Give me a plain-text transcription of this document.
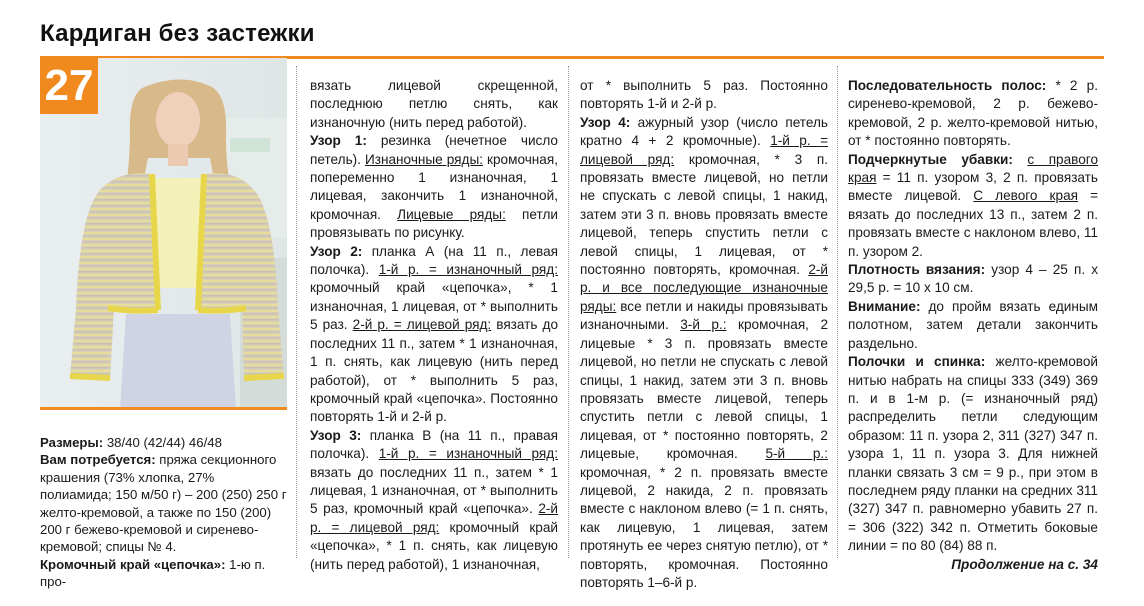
Кардиган без застежки
27

Размеры: 38/40 (42/44) 46/48

Вам потребуется: пряжа секционного крашения (73% хлопка, 27% полиамида; 150 м/50 г) – 200 (250) 250 г желто-кремовой, а также по 150 (200) 200 г бежево-кремовой и сиренево-кремовой; спицы № 4.

Кромочный край «цепочка»: 1-ю п. про-

вязать лицевой скрещенной, последнюю петлю снять, как изнаночную (нить перед работой).

Узор 1: резинка (нечетное число петель). Изнаночные ряды: кромочная, попеременно 1 изнаночная, 1 лицевая, закончить 1 изнаночной, кромочная. Лицевые ряды: петли провязывать по рисунку.

Узор 2: планка А (на 11 п., левая полочка). 1-й р. = изнаночный ряд: кромочный край «цепочка», * 1 изнаночная, 1 лицевая, от * выполнить 5 раз. 2-й р. = лицевой ряд: вязать до последних 11 п., затем * 1 изнаночная, 1 п. снять, как лицевую (нить перед работой), от * выполнить 5 раз, кромочный край «цепочка». Постоянно повторять 1-й и 2-й р.

Узор 3: планка В (на 11 п., правая полочка). 1-й р. = изнаночный ряд: вязать до последних 11 п., затем * 1 лицевая, 1 изнаночная, от * выполнить 5 раз, кромочный край «цепочка». 2-й р. = лицевой ряд: кромочный край «цепочка», * 1 п. снять, как лицевую (нить перед работой), 1 изнаночная,

от * выполнить 5 раз. Постоянно повторять 1-й и 2-й р.

Узор 4: ажурный узор (число петель кратно 4 + 2 кромочные). 1-й р. = лицевой ряд: кромочная, * 3 п. провязать вместе лицевой, но петли не спускать с левой спицы, 1 накид, затем эти 3 п. вновь провязать вместе лицевой, теперь спустить петли с левой спицы, 1 лицевая, от * постоянно повторять, кромочная. 2-й р. и все последующие изнаночные ряды: все петли и накиды провязывать изнаночными. 3-й р.: кромочная, 2 лицевые * 3 п. провязать вместе лицевой, но петли не спускать с левой спицы, 1 накид, затем эти 3 п. вновь провязать вместе лицевой, теперь спустить петли с левой спицы, 1 лицевая, от * постоянно повторять, 2 лицевые, кромочная. 5-й р.: кромочная, * 2 п. провязать вместе лицевой, 2 накида, 2 п. провязать вместе с наклоном влево (= 1 п. снять, как лицевую, 1 лицевая, затем протянуть ее через снятую петлю), от * повторять, кромочная. Постоянно повторять 1–6-й р.

Последовательность полос: * 2 р. сиренево-кремовой, 2 р. бежево-кремовой, 2 р. желто-кремовой нитью, от * постоянно повторять.

Подчеркнутые убавки: с правого края = 11 п. узором 3, 2 п. провязать вместе лицевой. С левого края = вязать до последних 13 п., затем 2 п. провязать вместе с наклоном влево, 11 п. узором 2.

Плотность вязания: узор 4 – 25 п. х 29,5 р. = 10 х 10 см.

Внимание: до пройм вязать единым полотном, затем детали закончить раздельно.

Полочки и спинка: желто-кремовой нитью набрать на спицы 333 (349) 369 п. и в 1-м р. (= изнаночный ряд) распределить петли следующим образом: 11 п. узора 2, 311 (327) 347 п. узора 1, 11 п. узора 3. Для нижней планки связать 3 см = 9 р., при этом в последнем ряду планки на средних 311 (327) 347 п. равномерно убавить 27 п. = 306 (322) 342 п. Отметить боковые линии = по 80 (84) 88 п.

Продолжение на с. 34
